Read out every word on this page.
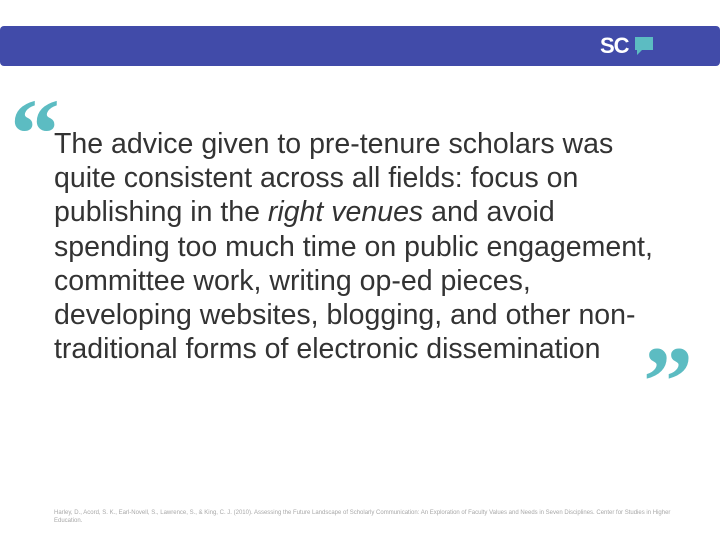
SC
“

The advice given to pre-tenure scholars was quite consistent across all fields: focus on publishing in the right venues and avoid spending too much time on public engagement, committee work, writing op-ed pieces, developing websites, blogging, and other non-traditional forms of electronic dissemination ”

Harley, D., Acord, S. K., Earl-Novell, S., Lawrence, S., & King, C. J. (2010). Assessing the Future Landscape of Scholarly Communication: An Exploration of Faculty Values and Needs in Seven Disciplines. Center for Studies in Higher Education.
